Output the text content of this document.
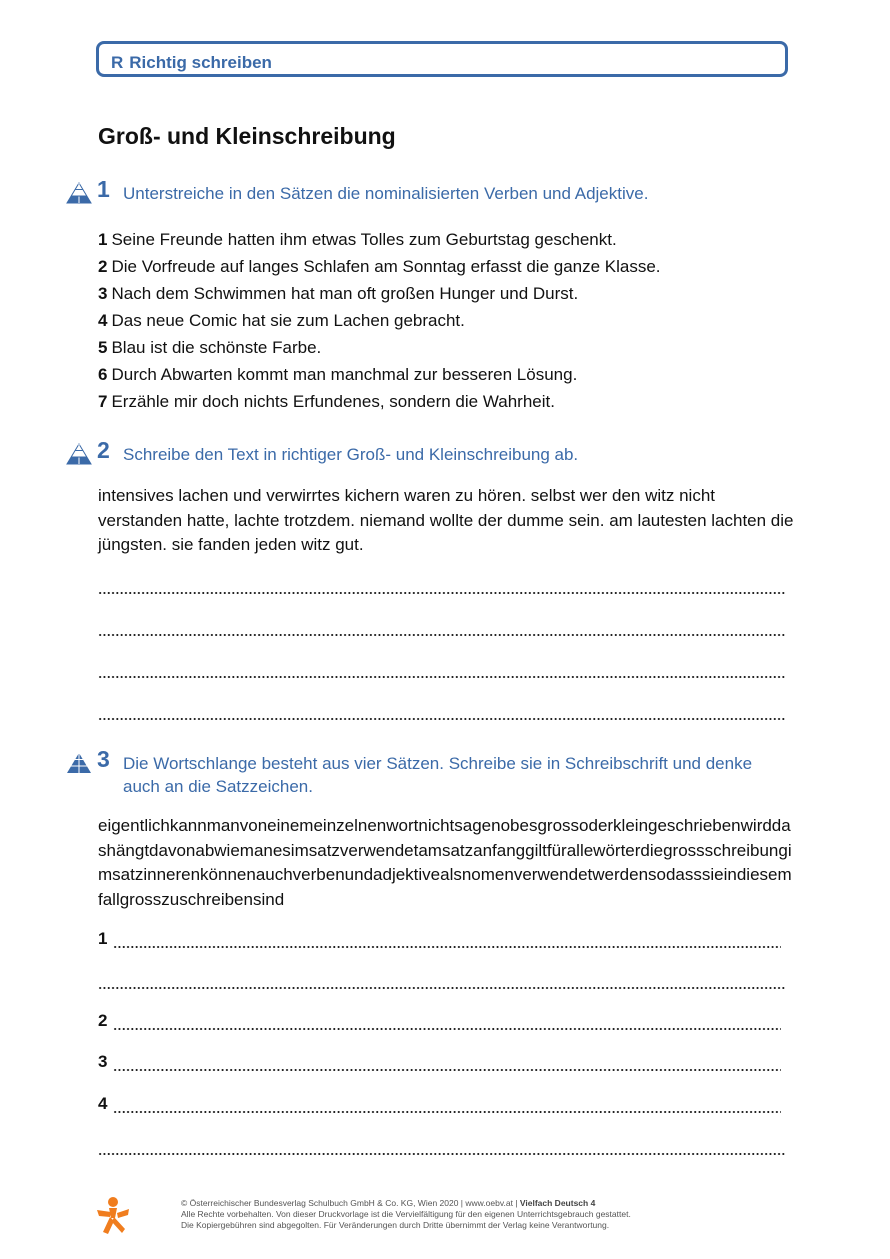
R Richtig schreiben
Groß- und Kleinschreibung
1 Unterstreiche in den Sätzen die nominalisierten Verben und Adjektive.
1 Seine Freunde hatten ihm etwas Tolles zum Geburtstag geschenkt.
2 Die Vorfreude auf langes Schlafen am Sonntag erfasst die ganze Klasse.
3 Nach dem Schwimmen hat man oft großen Hunger und Durst.
4 Das neue Comic hat sie zum Lachen gebracht.
5 Blau ist die schönste Farbe.
6 Durch Abwarten kommt man manchmal zur besseren Lösung.
7 Erzähle mir doch nichts Erfundenes, sondern die Wahrheit.
2 Schreibe den Text in richtiger Groß- und Kleinschreibung ab.
intensives lachen und verwirrtes kichern waren zu hören. selbst wer den witz nicht verstanden hatte, lachte trotzdem. niemand wollte der dumme sein. am lautesten lachten die jüngsten. sie fanden jeden witz gut.
3 Die Wortschlange besteht aus vier Sätzen. Schreibe sie in Schreibschrift und denke auch an die Satzzeichen.
eigentlichkannmanvoneinemeinzelnenwortnichtsagenobesgrossoderkleingeschriebenwirddashängtdavonabwiemanesimsatzverwendetamsatzanfanggiltfürallewörterdiegrossschreibungimsatzinnerenkönnenauchverbenundadjektivealsnomenverwendetwerdensodasssieindiesemfallgrosszuschreibensind
1
2
3
4
© Österreichischer Bundesverlag Schulbuch GmbH & Co. KG, Wien 2020 | www.oebv.at | Vielfach Deutsch 4
Alle Rechte vorbehalten. Von dieser Druckvorlage ist die Vervielfältigung für den eigenen Unterrichtsgebrauch gestattet.
Die Kopiergebühren sind abgegolten. Für Veränderungen durch Dritte übernimmt der Verlag keine Verantwortung.
